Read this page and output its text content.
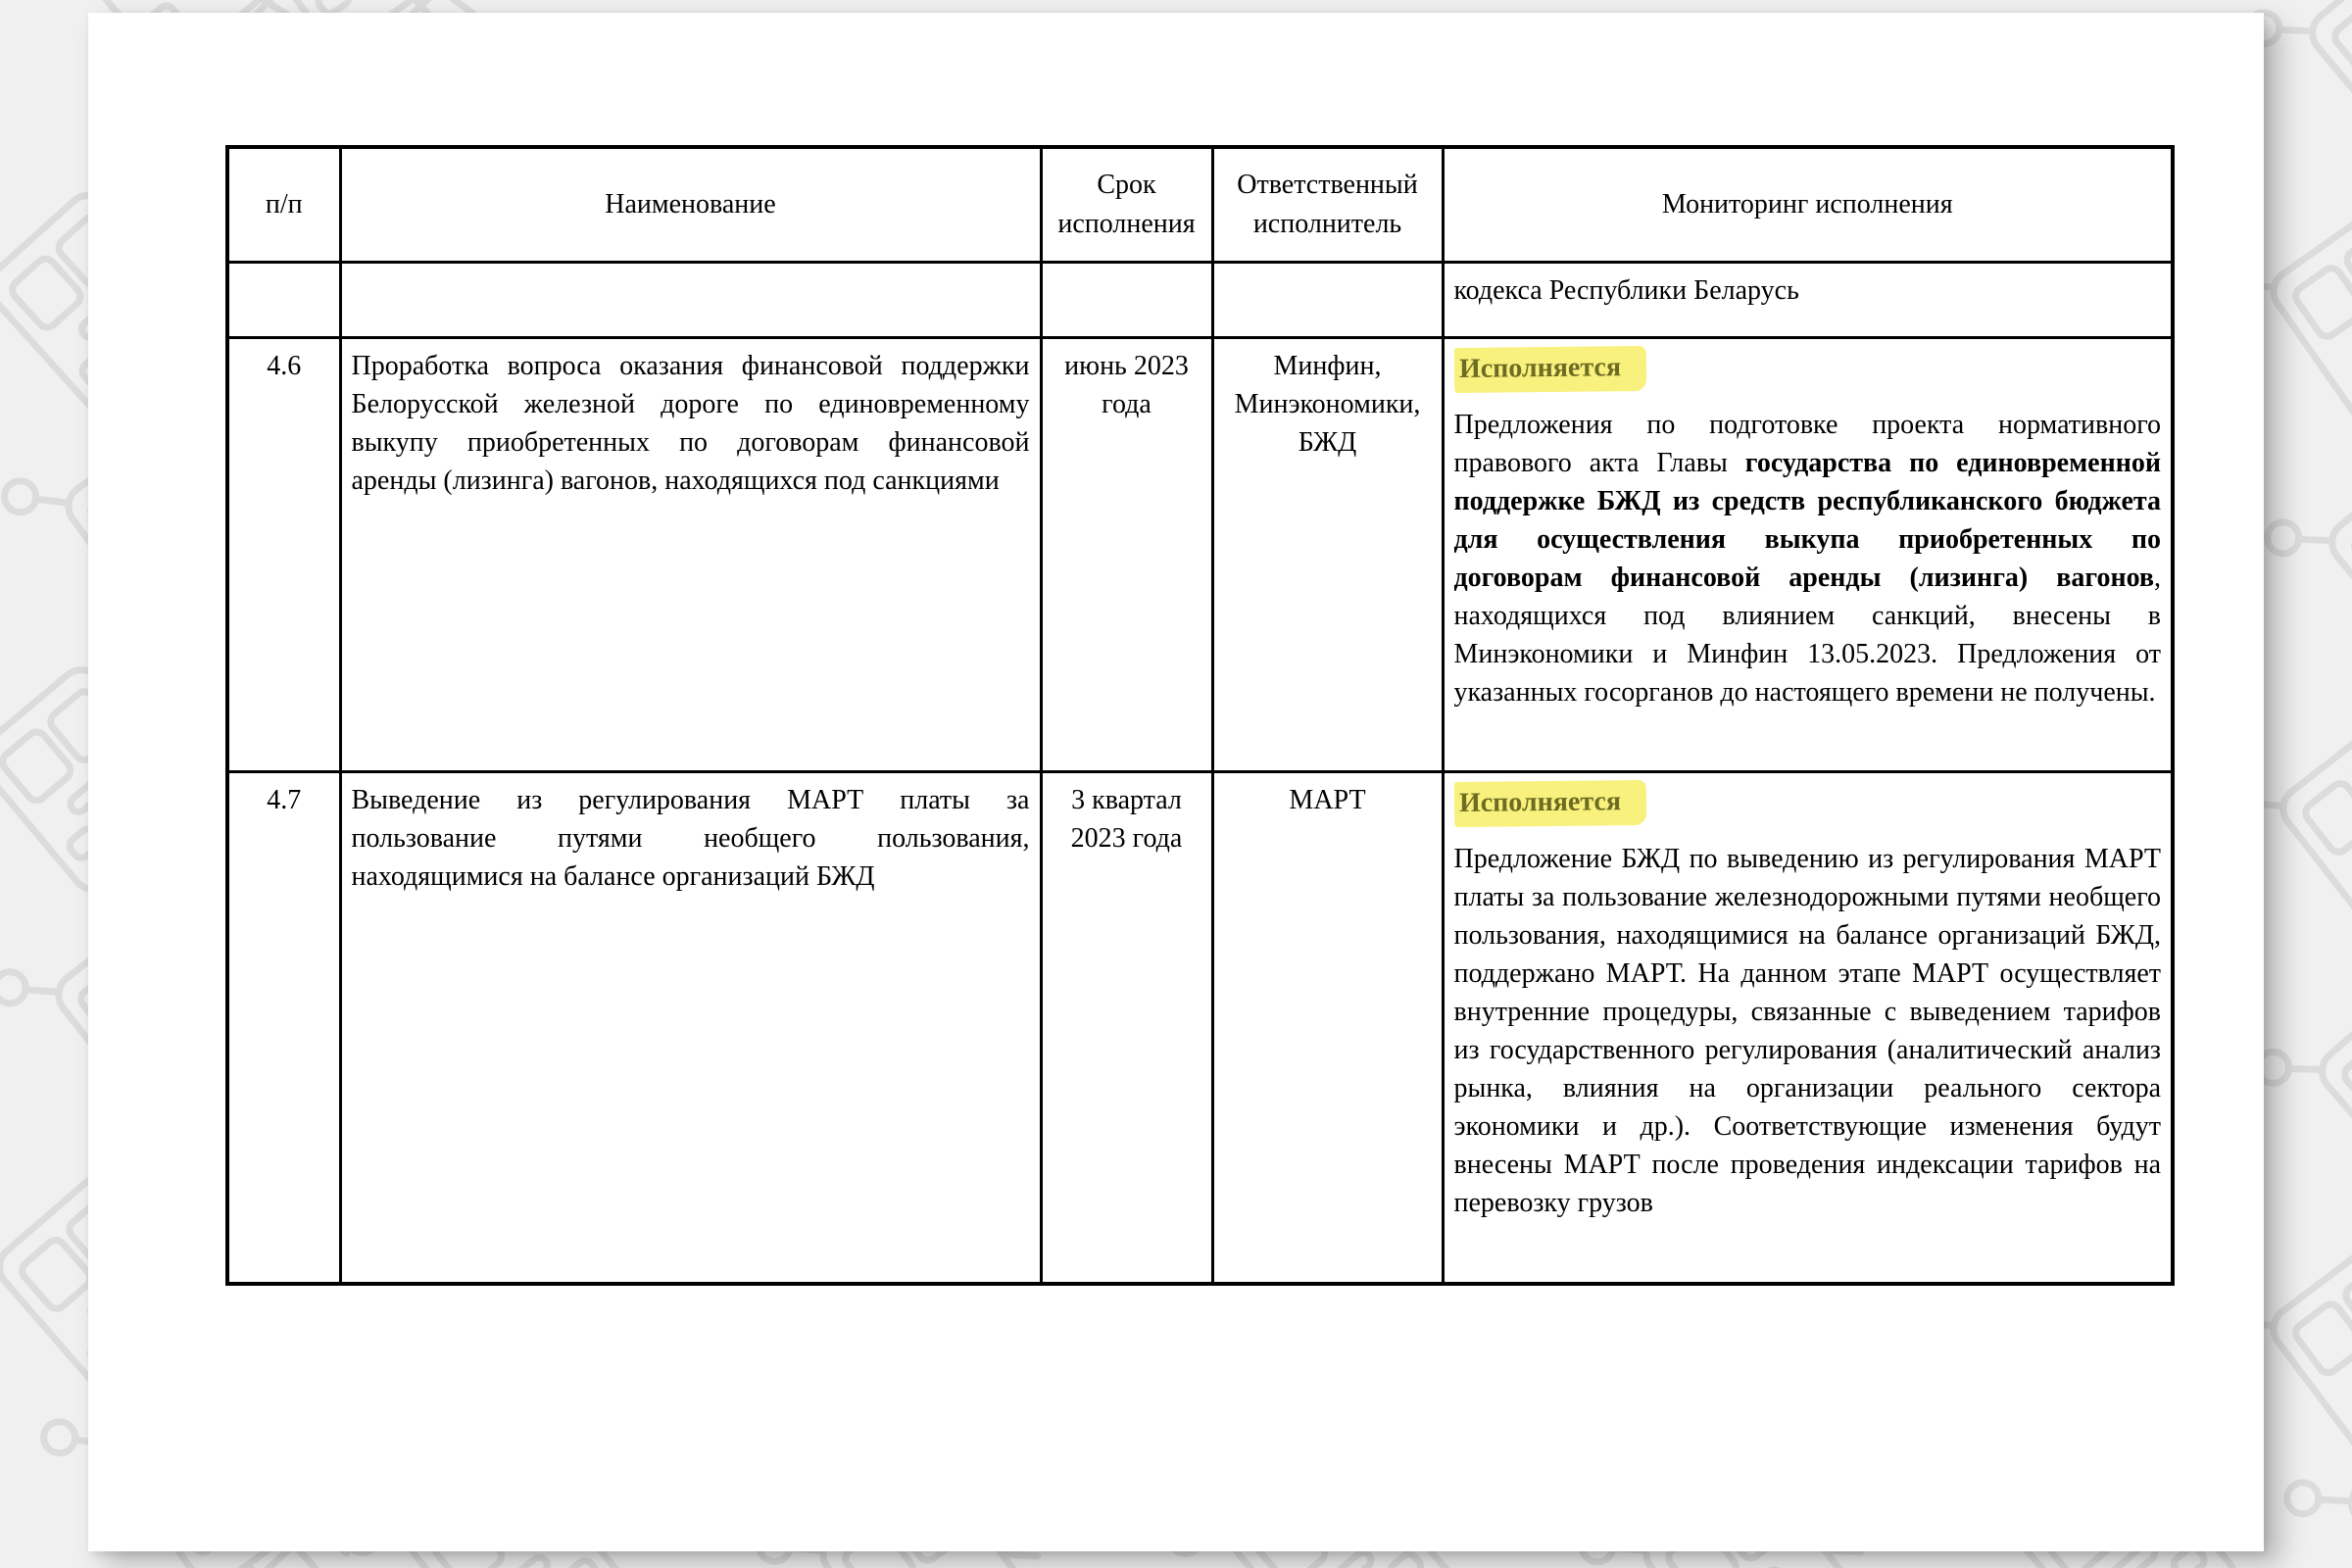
п/п	Наименование	Срок исполнения	Ответственный исполнитель	Мониторинг исполнения
				кодекса Республики Беларусь
4.6	Проработка вопроса оказания финансовой поддержки Белорусской железной дороге по единовременному выкупу приобретенных по договорам финансовой аренды (лизинга) вагонов, находящихся под санкциями	июнь 2023 года	Минфин, Минэкономики, БЖД	Исполняется
Предложения по подготовке проекта нормативного правового акта Главы государства по единовременной поддержке БЖД из средств республиканского бюджета для осуществления выкупа приобретенных по договорам финансовой аренды (лизинга) вагонов, находящихся под влиянием санкций, внесены в Минэкономики и Минфин 13.05.2023. Предложения от указанных госорганов до настоящего времени не получены.

4.7	Выведение из регулирования МАРТ платы за пользование путями необщего пользования, находящимися на балансе организаций БЖД	3 квартал 2023 года	МАРТ	Исполняется
Предложение БЖД по выведению из регулирования МАРТ платы за пользование железнодорожными путями необщего пользования, находящимися на балансе организаций БЖД, поддержано МАРТ. На данном этапе МАРТ осуществляет внутренние процедуры, связанные с выведением тарифов из государственного регулирования (аналитический анализ рынка, влияния на организации реального сектора экономики и др.). Соответствующие изменения будут внесены МАРТ после проведения индексации тарифов на перевозку грузов
